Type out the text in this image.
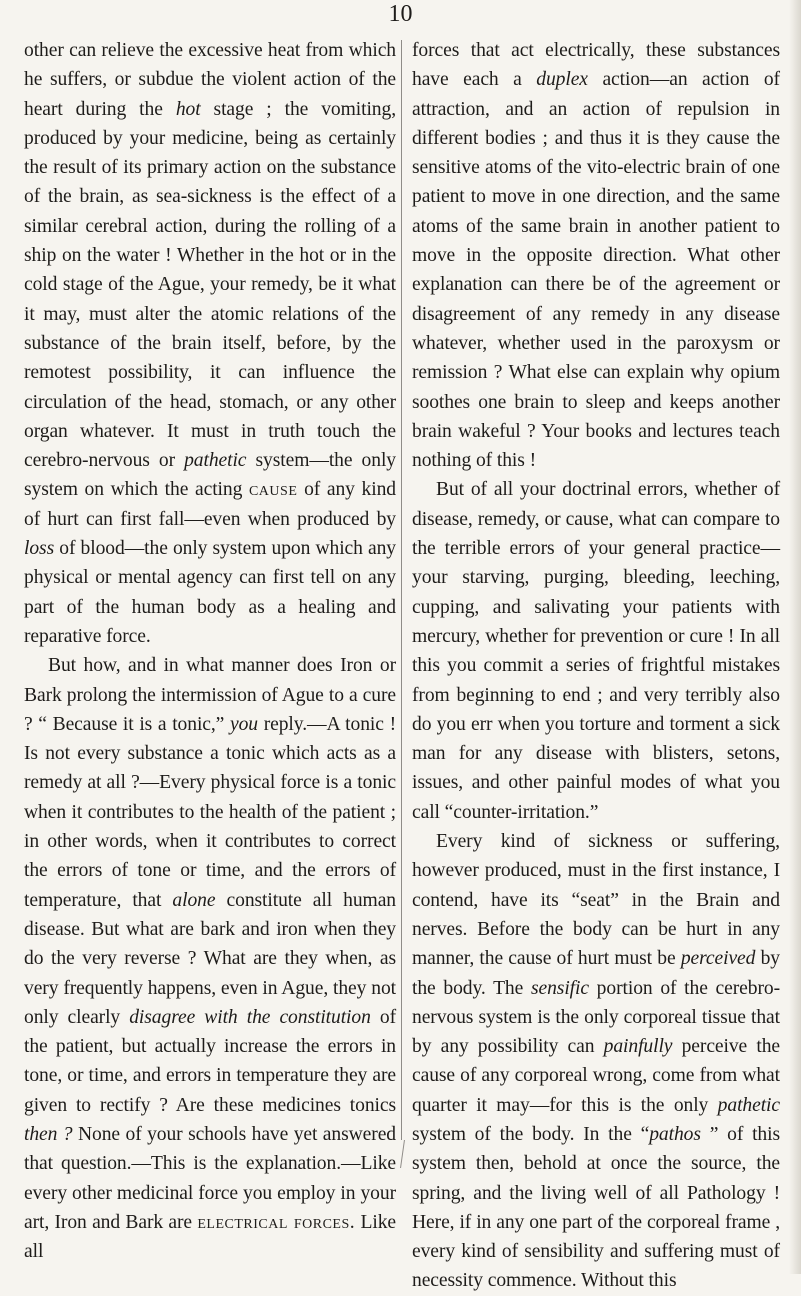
10

other can relieve the excessive heat from which he suffers, or subdue the violent action of the heart during the hot stage ; the vomiting, produced by your medicine, being as certainly the result of its primary action on the substance of the brain, as sea-sickness is the effect of a similar cerebral action, during the rolling of a ship on the water ! Whether in the hot or in the cold stage of the Ague, your remedy, be it what it may, must alter the atomic relations of the substance of the brain itself, before, by the remotest possibility, it can influence the circulation of the head, stomach, or any other organ whatever. It must in truth touch the cerebro-nervous or pathetic system—the only system on which the acting cause of any kind of hurt can first fall—even when produced by loss of blood—the only system upon which any physical or mental agency can first tell on any part of the human body as a healing and reparative force.

But how, and in what manner does Iron or Bark prolong the intermission of Ague to a cure ? “ Because it is a tonic,” you reply.—A tonic ! Is not every substance a tonic which acts as a remedy at all ?—Every physical force is a tonic when it contributes to the health of the patient ; in other words, when it contributes to correct the errors of tone or time, and the errors of temperature, that alone constitute all human disease. But what are bark and iron when they do the very reverse ? What are they when, as very frequently happens, even in Ague, they not only clearly disagree with the constitution of the patient, but actually increase the errors in tone, or time, and errors in temperature they are given to rectify ? Are these medicines tonics then ? None of your schools have yet answered that question.—This is the explanation.—Like every other medicinal force you employ in your art, Iron and Bark are electrical forces. Like all

forces that act electrically, these substances have each a duplex action—an action of attraction, and an action of repulsion in different bodies ; and thus it is they cause the sensitive atoms of the vito-electric brain of one patient to move in one direction, and the same atoms of the same brain in another patient to move in the opposite direction. What other explanation can there be of the agreement or disagreement of any remedy in any disease whatever, whether used in the paroxysm or remission ? What else can explain why opium soothes one brain to sleep and keeps another brain wakeful ? Your books and lectures teach nothing of this !

But of all your doctrinal errors, whether of disease, remedy, or cause, what can compare to the terrible errors of your general practice—your starving, purging, bleeding, leeching, cupping, and salivating your patients with mercury, whether for prevention or cure ! In all this you commit a series of frightful mistakes from beginning to end ; and very terribly also do you err when you torture and torment a sick man for any disease with blisters, setons, issues, and other painful modes of what you call “counter-irritation.”

Every kind of sickness or suffering, however produced, must in the first instance, I contend, have its “seat” in the Brain and nerves. Before the body can be hurt in any manner, the cause of hurt must be perceived by the body. The sensific portion of the cerebro-nervous system is the only corporeal tissue that by any possibility can painfully perceive the cause of any corporeal wrong, come from what quarter it may—for this is the only pathetic system of the body. In the “pathos ” of this system then, behold at once the source, the spring, and the living well of all Pathology ! Here, if in any one part of the corporeal frame , every kind of sensibility and suffering must of necessity commence. Without this
